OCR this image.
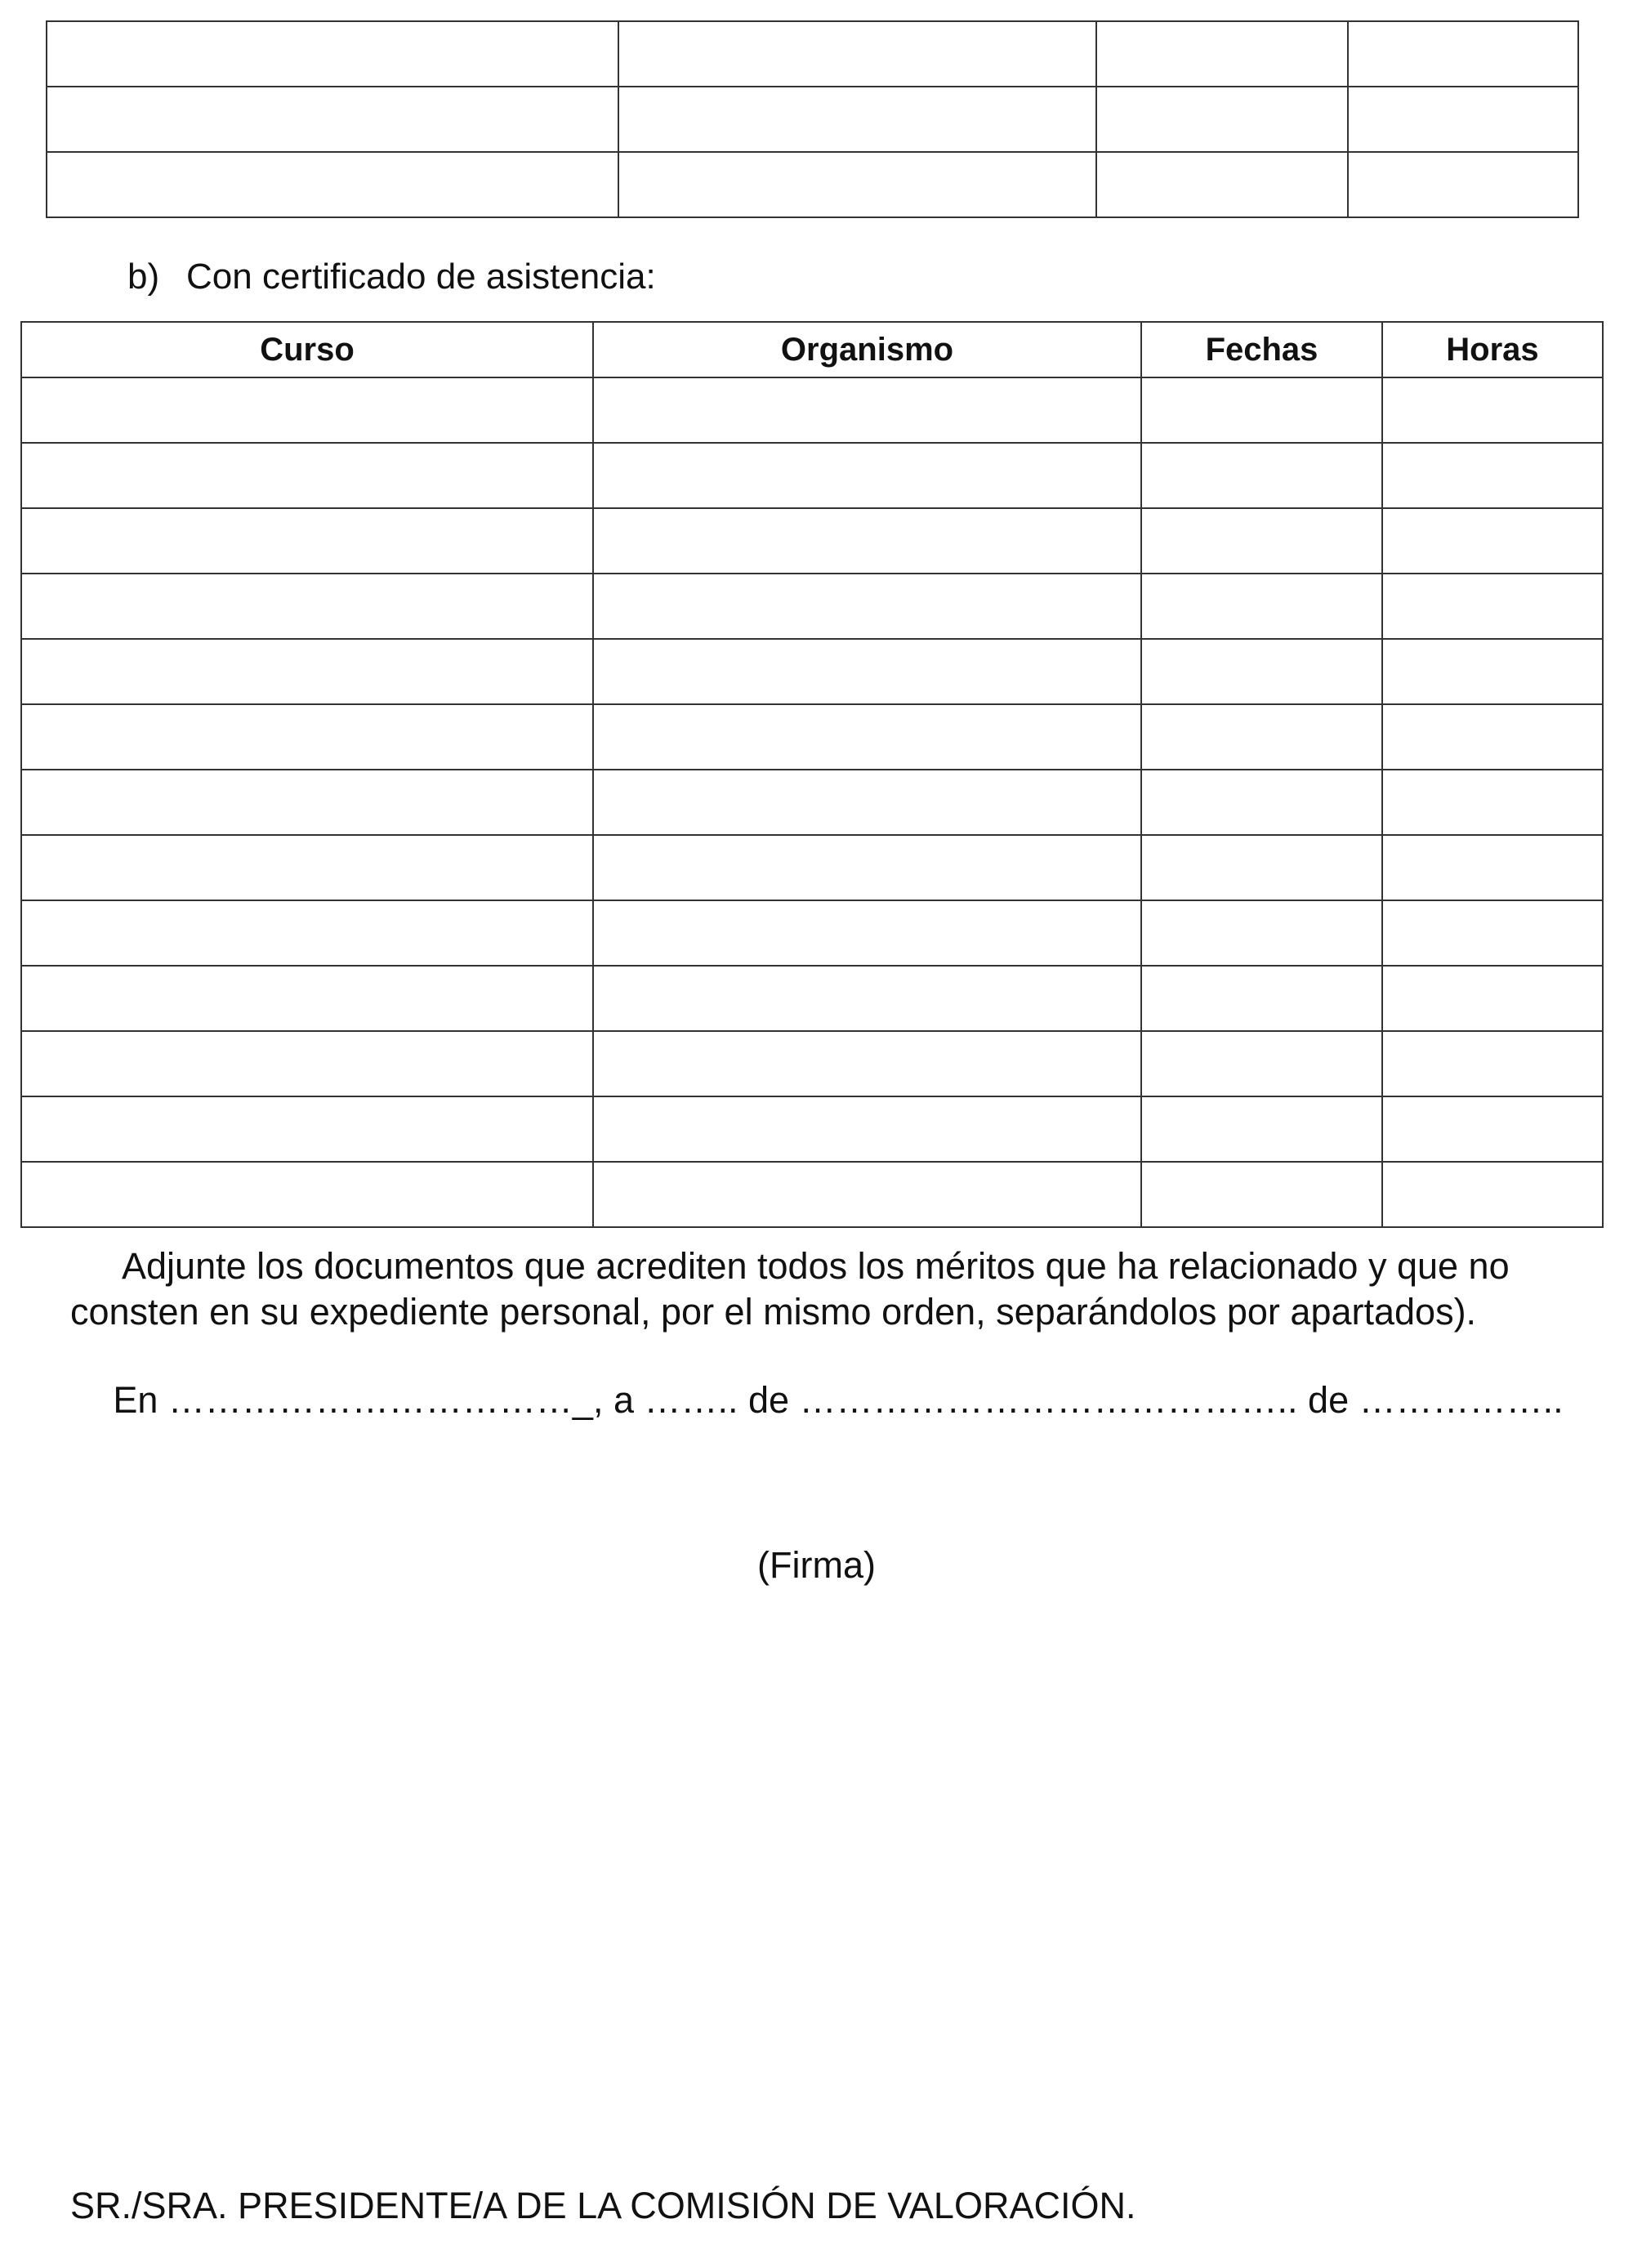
b) Con certificado de asistencia:
Curso	Organismo	Fechas	Horas

Adjunte los documentos que acrediten todos los méritos que ha relacionado y que no consten en su expediente personal, por el mismo orden, separándolos por apartados).
En ……………………………_, a …….. de ………………………………….. de ……………..
(Firma)
SR./SRA. PRESIDENTE/A DE LA COMISIÓN DE VALORACIÓN.
